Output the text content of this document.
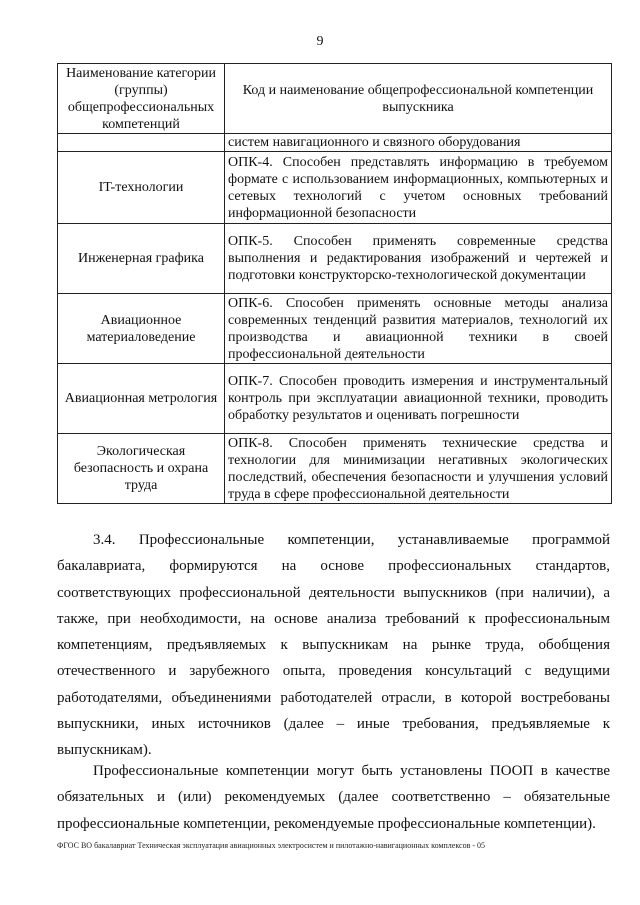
9
Наименование категории (группы) общепрофессиональных компетенций	Код и наименование общепрофессиональной компетенции выпускника
	систем навигационного и связного оборудования
IT-технологии	ОПК-4. Способен представлять информацию в требуемом формате с использованием информационных, компьютерных и сетевых технологий с учетом основных требований информационной безопасности
Инженерная графика	ОПК-5. Способен применять современные средства выполнения и редактирования изображений и чертежей и подготовки конструкторско-технологической документации
Авиационное материаловедение	ОПК-6. Способен применять основные методы анализа современных тенденций развития материалов, технологий их производства и авиационной техники в своей профессиональной деятельности
Авиационная метрология	ОПК-7. Способен проводить измерения и инструментальный контроль при эксплуатации авиационной техники, проводить обработку результатов и оценивать погрешности
Экологическая безопасность и охрана труда	ОПК-8. Способен применять технические средства и технологии для минимизации негативных экологических последствий, обеспечения безопасности и улучшения условий труда в сфере профессиональной деятельности

3.4. Профессиональные компетенции, устанавливаемые программой бакалавриата, формируются на основе профессиональных стандартов, соответствующих профессиональной деятельности выпускников (при наличии), а также, при необходимости, на основе анализа требований к профессиональным компетенциям, предъявляемых к выпускникам на рынке труда, обобщения отечественного и зарубежного опыта, проведения консультаций с ведущими работодателями, объединениями работодателей отрасли, в которой востребованы выпускники, иных источников (далее – иные требования, предъявляемые к выпускникам).

Профессиональные компетенции могут быть установлены ПООП в качестве обязательных и (или) рекомендуемых (далее соответственно – обязательные профессиональные компетенции, рекомендуемые профессиональные компетенции).

ФГОС ВО бакалавриат Техническая эксплуатация авиационных электросистем и пилотажно-навигационных комплексов - 05
